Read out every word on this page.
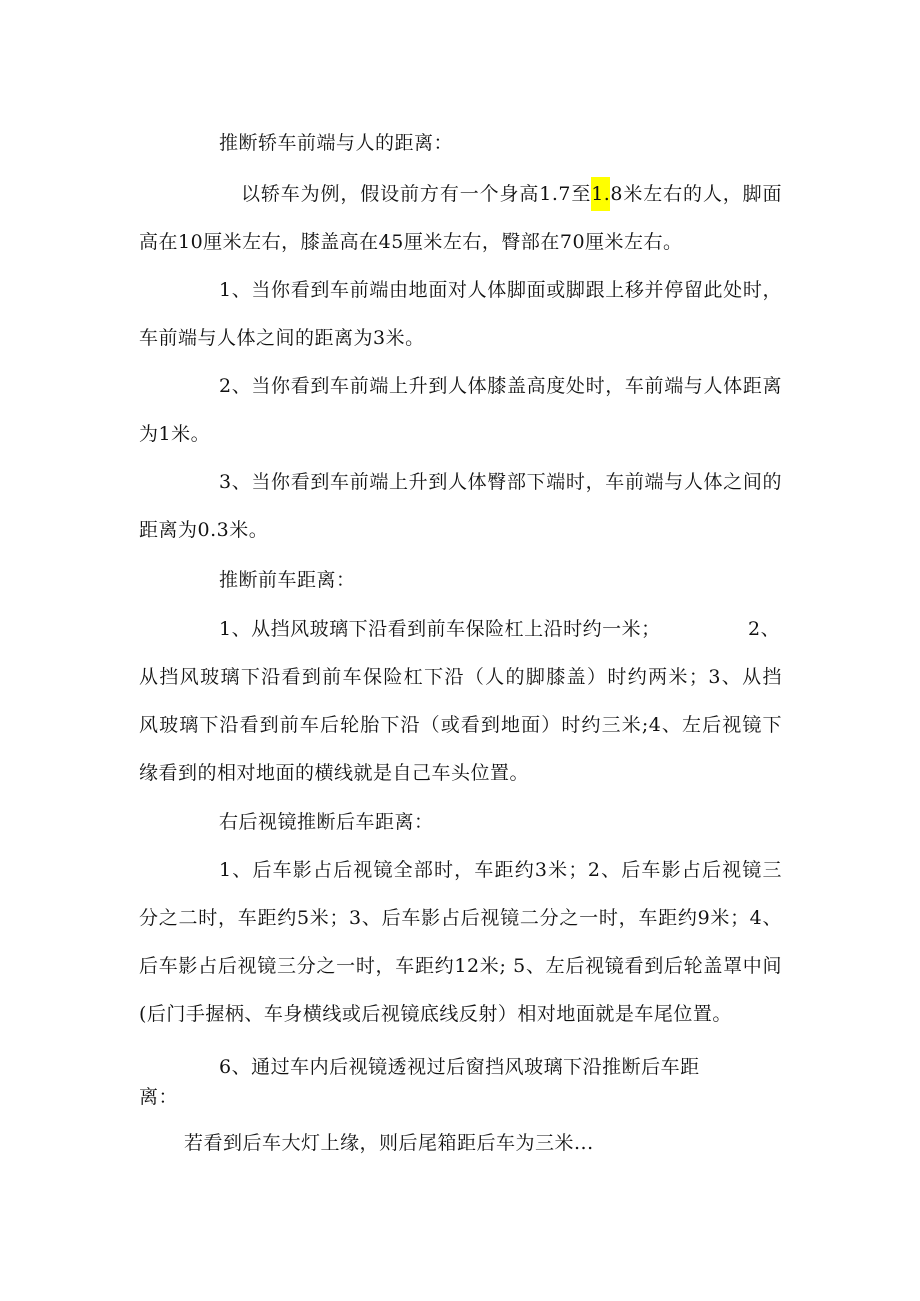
推断轿车前端与人的距离：
以轿车为例，假设前方有一个身高1.7至1.8米左右的人，脚面
高在10厘米左右，膝盖高在45厘米左右，臀部在70厘米左右。
1、当你看到车前端由地面对人体脚面或脚跟上移并停留此处时，
车前端与人体之间的距离为3米。
2、当你看到车前端上升到人体膝盖高度处时，车前端与人体距离
为1米。
3、当你看到车前端上升到人体臀部下端时，车前端与人体之间的
距离为0.3米。
推断前车距离：
1、从挡风玻璃下沿看到前车保险杠上沿时约一米；	2、
从挡风玻璃下沿看到前车保险杠下沿（人的脚膝盖）时约两米；3、从挡
风玻璃下沿看到前车后轮胎下沿（或看到地面）时约三米;4、左后视镜下
缘看到的相对地面的横线就是自己车头位置。
右后视镜推断后车距离：
1、后车影占后视镜全部时，车距约3米；2、后车影占后视镜三
分之二时，车距约5米；3、后车影占后视镜二分之一时，车距约9米；4、
后车影占后视镜三分之一时，车距约12米; 5、左后视镜看到后轮盖罩中间
(后门手握柄、车身横线或后视镜底线反射）相对地面就是车尾位置。
6、通过车内后视镜透视过后窗挡风玻璃下沿推断后车距
离：
若看到后车大灯上缘，则后尾箱距后车为三米...
